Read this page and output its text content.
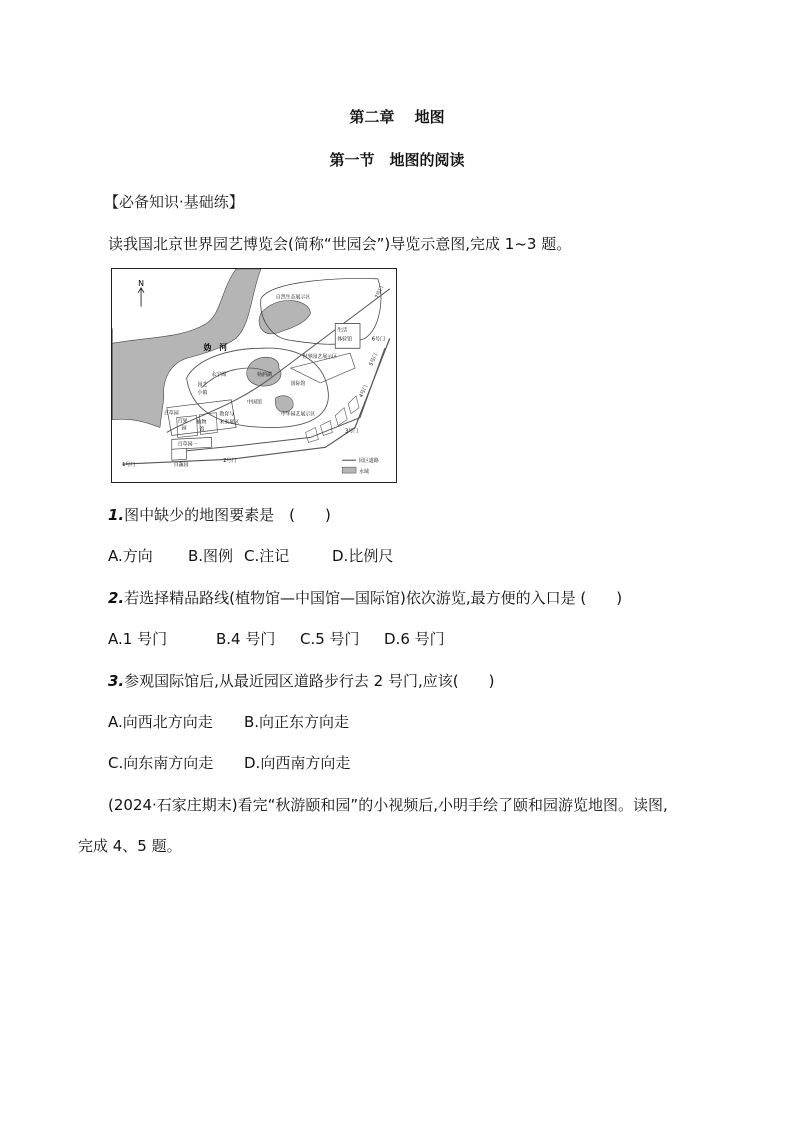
第二章　 地图
第一节　地图的阅读
【必备知识·基础练】
读我国北京世界园艺博览会(简称“世园会”)导览示意图,完成 1~3 题。
N
妫　河
自然生态展示区
生活
体验馆
世界园艺展示区
永宁阁	妫汭湖
园艺
小镇
国际馆
中国馆
中华园艺展示区
植物
馆
教育与
未来展区
百草园
百果
园
百草园一
百蔬园
1号门
2号门
3号门
4号门
5号门
6号门
7号门
园区道路
水域
1.图中缺少的地图要素是　(　　)
A.方向 B.图例 C.注记	D.比例尺
2.若选择精品路线(植物馆—中国馆—国际馆)依次游览,最方便的入口是 (　　)
A.1 号门	B.4 号门 C.5 号门 D.6 号门
3.参观国际馆后,从最近园区道路步行去 2 号门,应该(　　)
A.向西北方向走 B.向正东方向走
C.向东南方向走 D.向西南方向走
(2024·石家庄期末)看完“秋游颐和园”的小视频后,小明手绘了颐和园游览地图。读图,
完成 4、5 题。
